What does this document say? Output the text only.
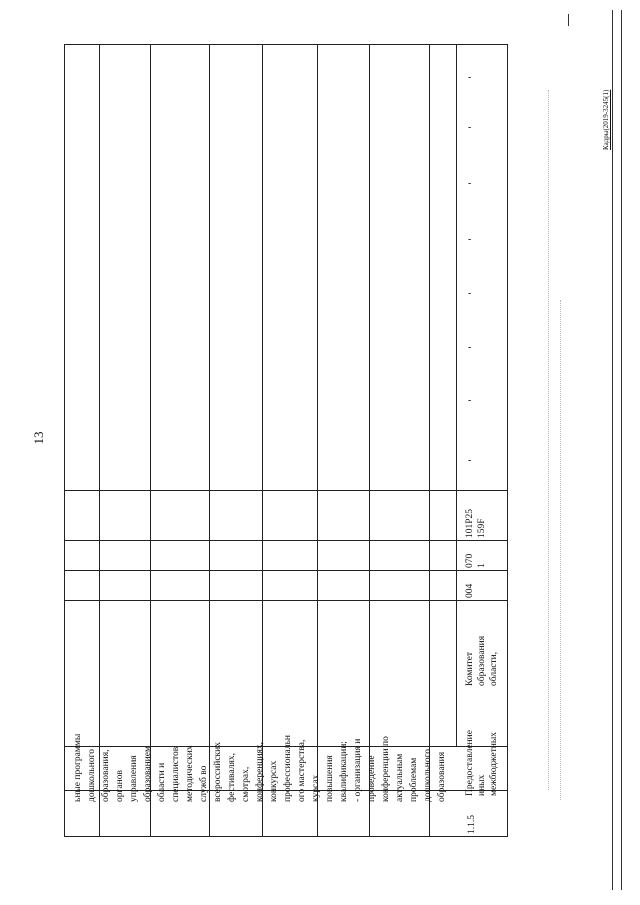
13
ьные программы дошкольного образования, органов управления образованием области и специалистов методических служб во всероссийских фестивалях, смотрах, конференциях, конкурсах профессиональн ого мастерства, курсах повышения квалификации; - организация и проведение конференции по актуальным проблемам дошкольного образования
1.1.5
Предоставление иных межбюджетных
Комитет образования области,
004
070 1
101P25 159F
-
-
-
-
-
-
-
-
Кадры(2019-3245(1)
